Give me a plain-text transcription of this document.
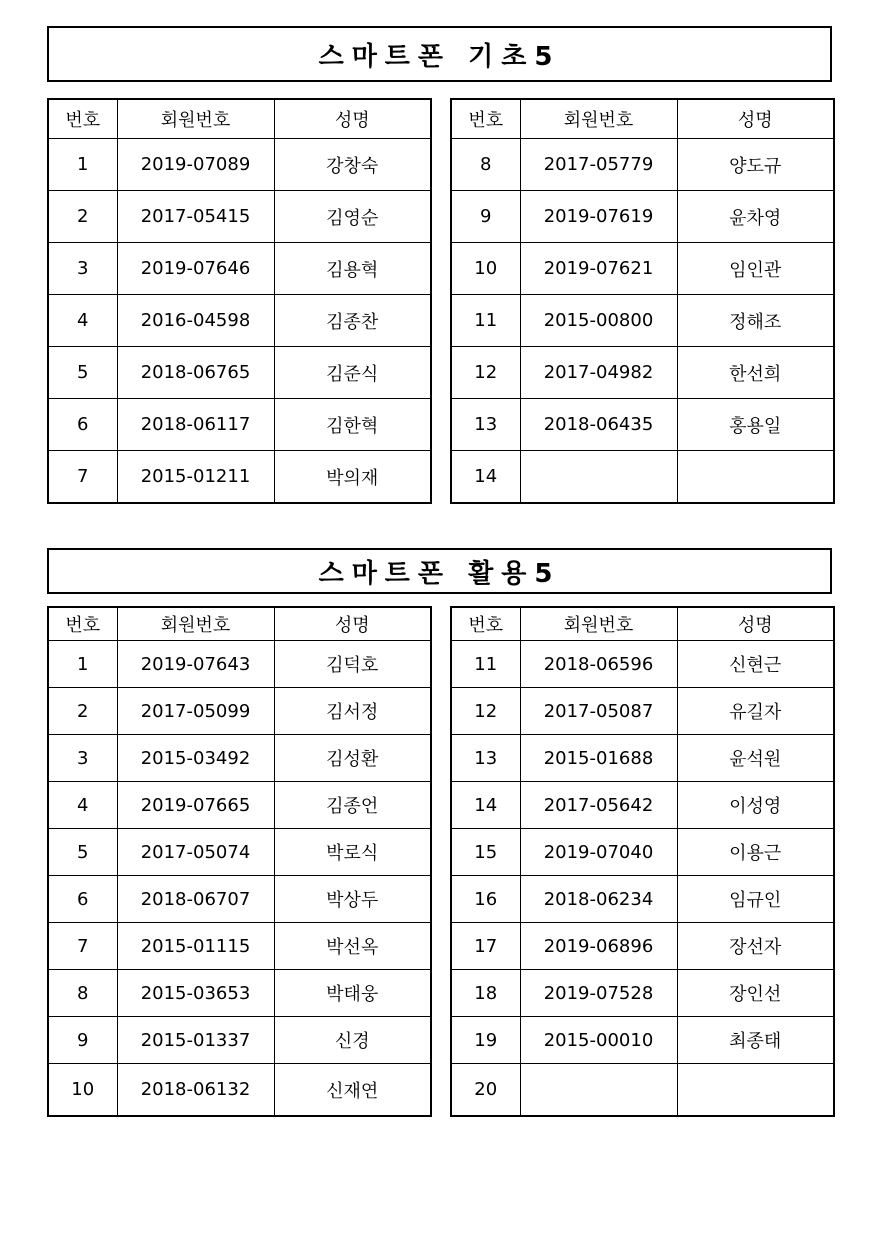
스마트폰 기초5
번호	회원번호	성명
1	2019-07089	강창숙
2	2017-05415	김영순
3	2019-07646	김용혁
4	2016-04598	김종찬
5	2018-06765	김준식
6	2018-06117	김한혁
7	2015-01211	박의재
번호	회원번호	성명
8	2017-05779	양도규
9	2019-07619	윤차영
10	2019-07621	임인관
11	2015-00800	정해조
12	2017-04982	한선희
13	2018-06435	홍용일
14		
스마트폰 활용5
번호	회원번호	성명
1	2019-07643	김덕호
2	2017-05099	김서정
3	2015-03492	김성환
4	2019-07665	김종언
5	2017-05074	박로식
6	2018-06707	박상두
7	2015-01115	박선옥
8	2015-03653	박태웅
9	2015-01337	신경
10	2018-06132	신재연
번호	회원번호	성명
11	2018-06596	신현근
12	2017-05087	유길자
13	2015-01688	윤석원
14	2017-05642	이성영
15	2019-07040	이용근
16	2018-06234	임규인
17	2019-06896	장선자
18	2019-07528	장인선
19	2015-00010	최종태
20		
